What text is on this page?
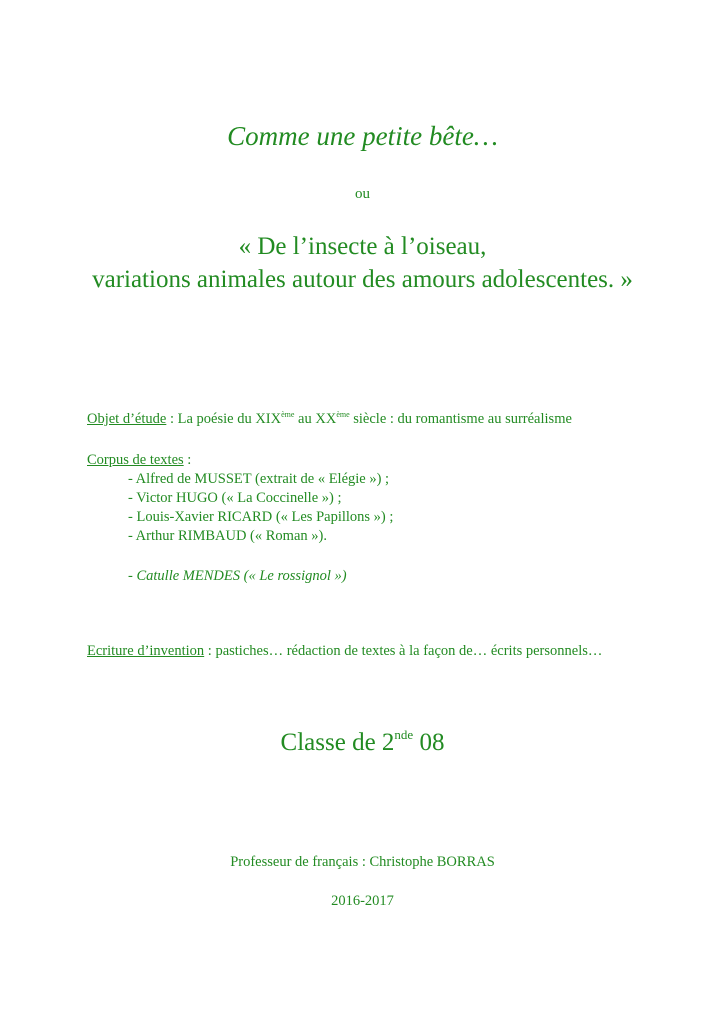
Comme une petite bête…
ou
« De l’insecte à l’oiseau,
variations animales autour des amours adolescentes. »
Objet d’étude : La poésie du XIXème au XXème siècle : du romantisme au surréalisme
Corpus de textes :
- Alfred de MUSSET (extrait de « Elégie ») ;
- Victor HUGO (« La Coccinelle ») ;
- Louis-Xavier RICARD (« Les Papillons ») ;
- Arthur RIMBAUD (« Roman »).
- Catulle MENDES (« Le rossignol »)
Ecriture d’invention : pastiches… rédaction de textes à la façon de… écrits personnels…
Classe de 2nde 08
Professeur de français : Christophe BORRAS
2016-2017
